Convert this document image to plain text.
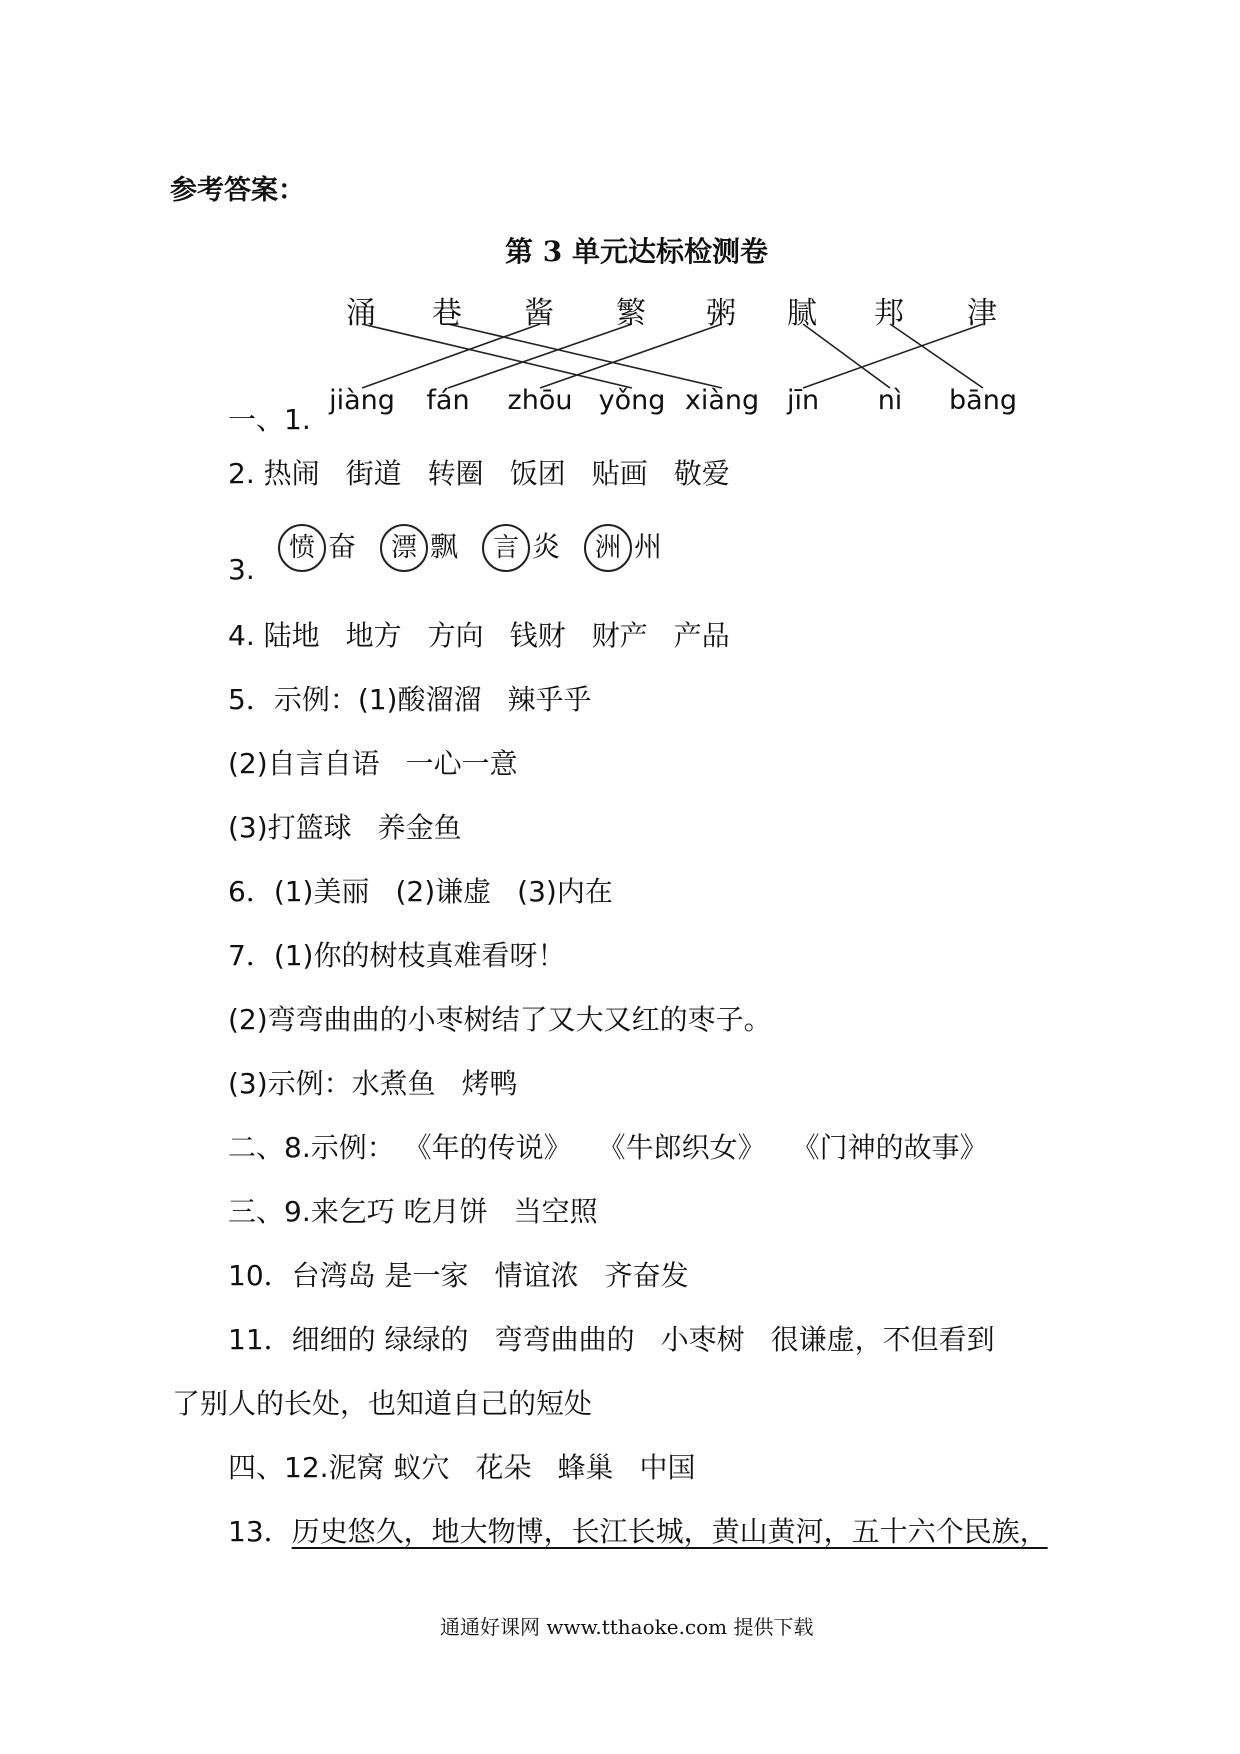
参考答案：
第 3 单元达标检测卷
涌 巷 酱 繁 粥 腻 邦 津
jiàng	fán	zhōu yǒng xiàng	jīn	nì	bāng
一、1.
2. 热闹 街道 转圈 饭团 贴画 敬爱
3.
愤 奋 漂 飘 言 炎 洲 州
4. 陆地 地方 方向 钱财 财产 产品
5．示例：(1)酸溜溜 辣乎乎
(2)自言自语 一心一意
(3)打篮球 养金鱼
6．(1)美丽 (2)谦虚 (3)内在
7．(1)你的树枝真难看呀！
(2)弯弯曲曲的小枣树结了又大又红的枣子。
(3)示例：水煮鱼 烤鸭
二、8.示例： 《年的传说》 《牛郎织女》 《门神的故事》
三、9.来乞巧 吃月饼 当空照
10．台湾岛 是一家 情谊浓 齐奋发
11．细细的 绿绿的 弯弯曲曲的 小枣树 很谦虚，不但看到
了别人的长处，也知道自己的短处
四、12.泥窝 蚁穴 花朵 蜂巢 中国
13．历史悠久，地大物博，长江长城，黄山黄河，五十六个民族，
通通好课网 www.tthaoke.com 提供下载
